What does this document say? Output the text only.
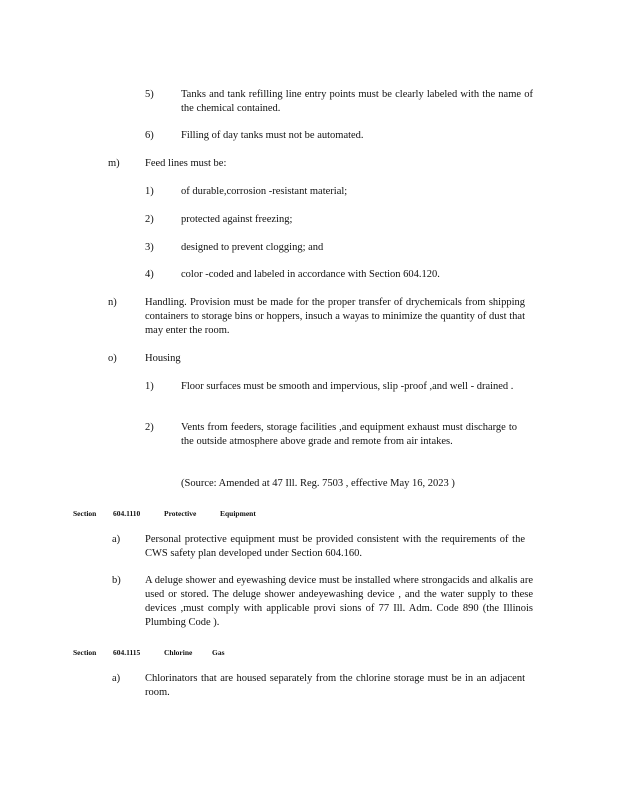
5)	Tanks and tank refilling line entry points must be clearly labeled with the name of the chemical contained.
6)	Filling of day tanks must not be automated.
m) Feed lines must be:
1)	of durable,corrosion -resistant material;
2)	protected against freezing;
3)	designed to prevent clogging; and
4)	color -coded and labeled in accordance with Section 604.120.
n)	Handling. Provision must be made for the proper transfer of drychemicals from shipping containers to storage bins or hoppers, insuch a wayas to minimize the quantity of dust that may enter the room.
o)	Housing
1)	Floor surfaces must be smooth and impervious, slip -proof ,and well - drained .
2)	Vents from feeders, storage facilities ,and equipment exhaust must discharge to the outside atmosphere above grade and remote from air intakes.
(Source: Amended at 47 Ill. Reg. 7503 , effective May 16, 2023 )
Section 604.1110	Protective	Equipment
a) Personal protective equipment must be provided consistent with the requirements of the CWS safety plan developed under Section 604.160.
b) A deluge shower and eyewashing device must be installed where strongacids and alkalis are used or stored. The deluge shower andeyewashing device , and the water supply to these devices ,must comply with applicable provi sions of 77 Ill. Adm. Code 890 (the Illinois Plumbing Code ).
Section 604.1115	Chlorine	Gas
a) Chlorinators that are housed separately from the chlorine storage must be in an adjacent room.
